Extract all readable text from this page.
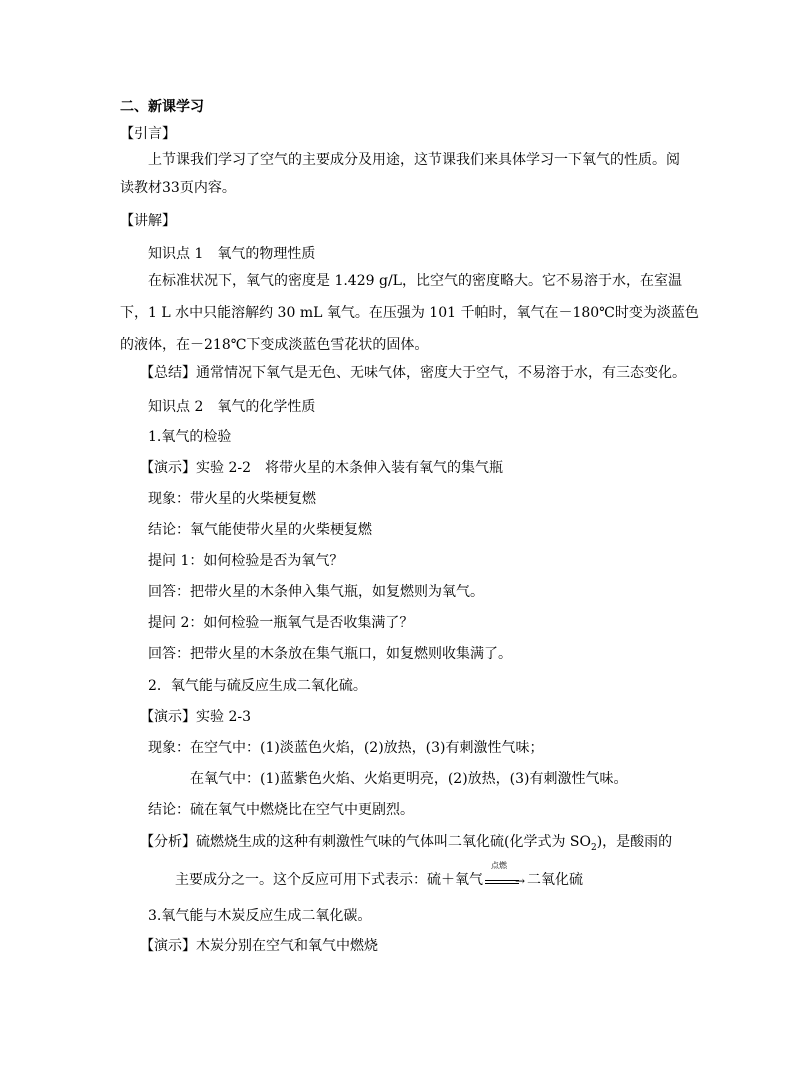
二、新课学习
【引言】
上节课我们学习了空气的主要成分及用途，这节课我们来具体学习一下氧气的性质。阅
读教材33页内容。
【讲解】
知识点 1　氧气的物理性质
在标准状况下，氧气的密度是 1.429 g/L，比空气的密度略大。它不易溶于水，在室温
下，1 L 水中只能溶解约 30 mL 氧气。在压强为 101 千帕时，氧气在－180℃时变为淡蓝色
的液体，在－218℃下变成淡蓝色雪花状的固体。
【总结】通常情况下氧气是无色、无味气体，密度大于空气，不易溶于水，有三态变化。
知识点 2　氧气的化学性质
1.氧气的检验
【演示】实验 2-2　将带火星的木条伸入装有氧气的集气瓶
现象：带火星的火柴梗复燃
结论：氧气能使带火星的火柴梗复燃
提问 1：如何检验是否为氧气？
回答：把带火星的木条伸入集气瓶，如复燃则为氧气。
提问 2：如何检验一瓶氧气是否收集满了？
回答：把带火星的木条放在集气瓶口，如复燃则收集满了。
2．氧气能与硫反应生成二氧化硫。
【演示】实验 2-3
现象：在空气中：(1)淡蓝色火焰，(2)放热，(3)有刺激性气味；
在氧气中：(1)蓝紫色火焰、火焰更明亮，(2)放热，(3)有刺激性气味。
结论：硫在氧气中燃烧比在空气中更剧烈。
【分析】硫燃烧生成的这种有刺激性气味的气体叫二氧化硫(化学式为 $SO_2$)，是酸雨的
主要成分之一。这个反应可用下式表示：硫＋氧气
点燃
→ 二氧化硫
3.氧气能与木炭反应生成二氧化碳。
【演示】木炭分别在空气和氧气中燃烧
